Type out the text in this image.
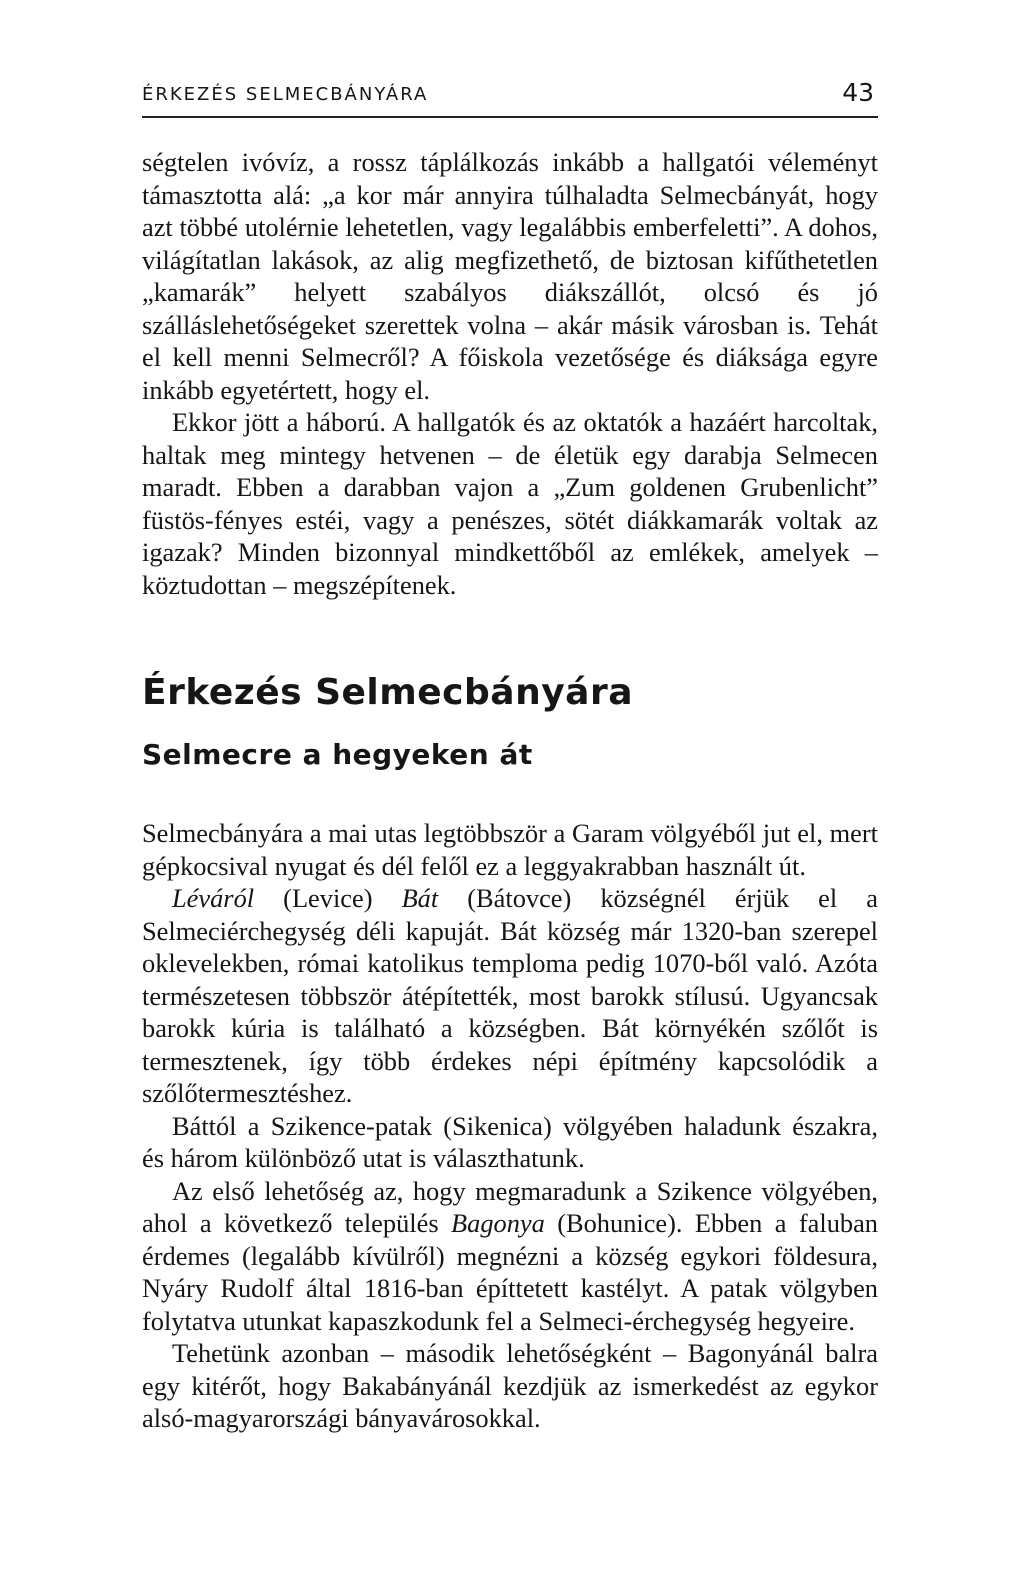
ÉRKEZÉS SELMECBÁNYÁRA	43

ségtelen ivóvíz, a rossz táplálkozás inkább a hallgatói véleményt támasztotta alá: „a kor már annyira túlhaladta Selmecbányát, hogy azt többé utolérnie lehetetlen, vagy legalábbis emberfeletti”. A dohos, világítatlan lakások, az alig megfizethető, de biztosan kifűthetetlen „kamarák” helyett szabályos diákszállót, olcsó és jó szálláslehetőségeket szerettek volna – akár másik városban is. Tehát el kell menni Selmecről? A főiskola vezetősége és diáksága egyre inkább egyetértett, hogy el.

Ekkor jött a háború. A hallgatók és az oktatók a hazáért harcoltak, haltak meg mintegy hetvenen – de életük egy darabja Selmecen maradt. Ebben a darabban vajon a „Zum goldenen Grubenlicht” füstös-fényes estéi, vagy a penészes, sötét diákkamarák voltak az igazak? Minden bizonnyal mindkettőből az emlékek, amelyek – köztudottan – megszépítenek.

Érkezés Selmecbányára
Selmecre a hegyeken át

Selmecbányára a mai utas legtöbbször a Garam völgyéből jut el, mert gépkocsival nyugat és dél felől ez a leggyakrabban használt út.

Léváról (Levice) Bát (Bátovce) községnél érjük el a Selmeciérchegység déli kapuját. Bát község már 1320-ban szerepel oklevelekben, római katolikus temploma pedig 1070-ből való. Azóta természetesen többször átépítették, most barokk stílusú. Ugyancsak barokk kúria is található a községben. Bát környékén szőlőt is termesztenek, így több érdekes népi építmény kapcsolódik a szőlőtermesztéshez.

Báttól a Szikence-patak (Sikenica) völgyében haladunk északra, és három különböző utat is választhatunk.

Az első lehetőség az, hogy megmaradunk a Szikence völgyében, ahol a következő település Bagonya (Bohunice). Ebben a faluban érdemes (legalább kívülről) megnézni a község egykori földesura, Nyáry Rudolf által 1816-ban építtetett kastélyt. A patak völgyben folytatva utunkat kapaszkodunk fel a Selmeci-érchegység hegyeire.

Tehetünk azonban – második lehetőségként – Bagonyánál balra egy kitérőt, hogy Bakabányánál kezdjük az ismerkedést az egykor alsó-magyarországi bányavárosokkal.
